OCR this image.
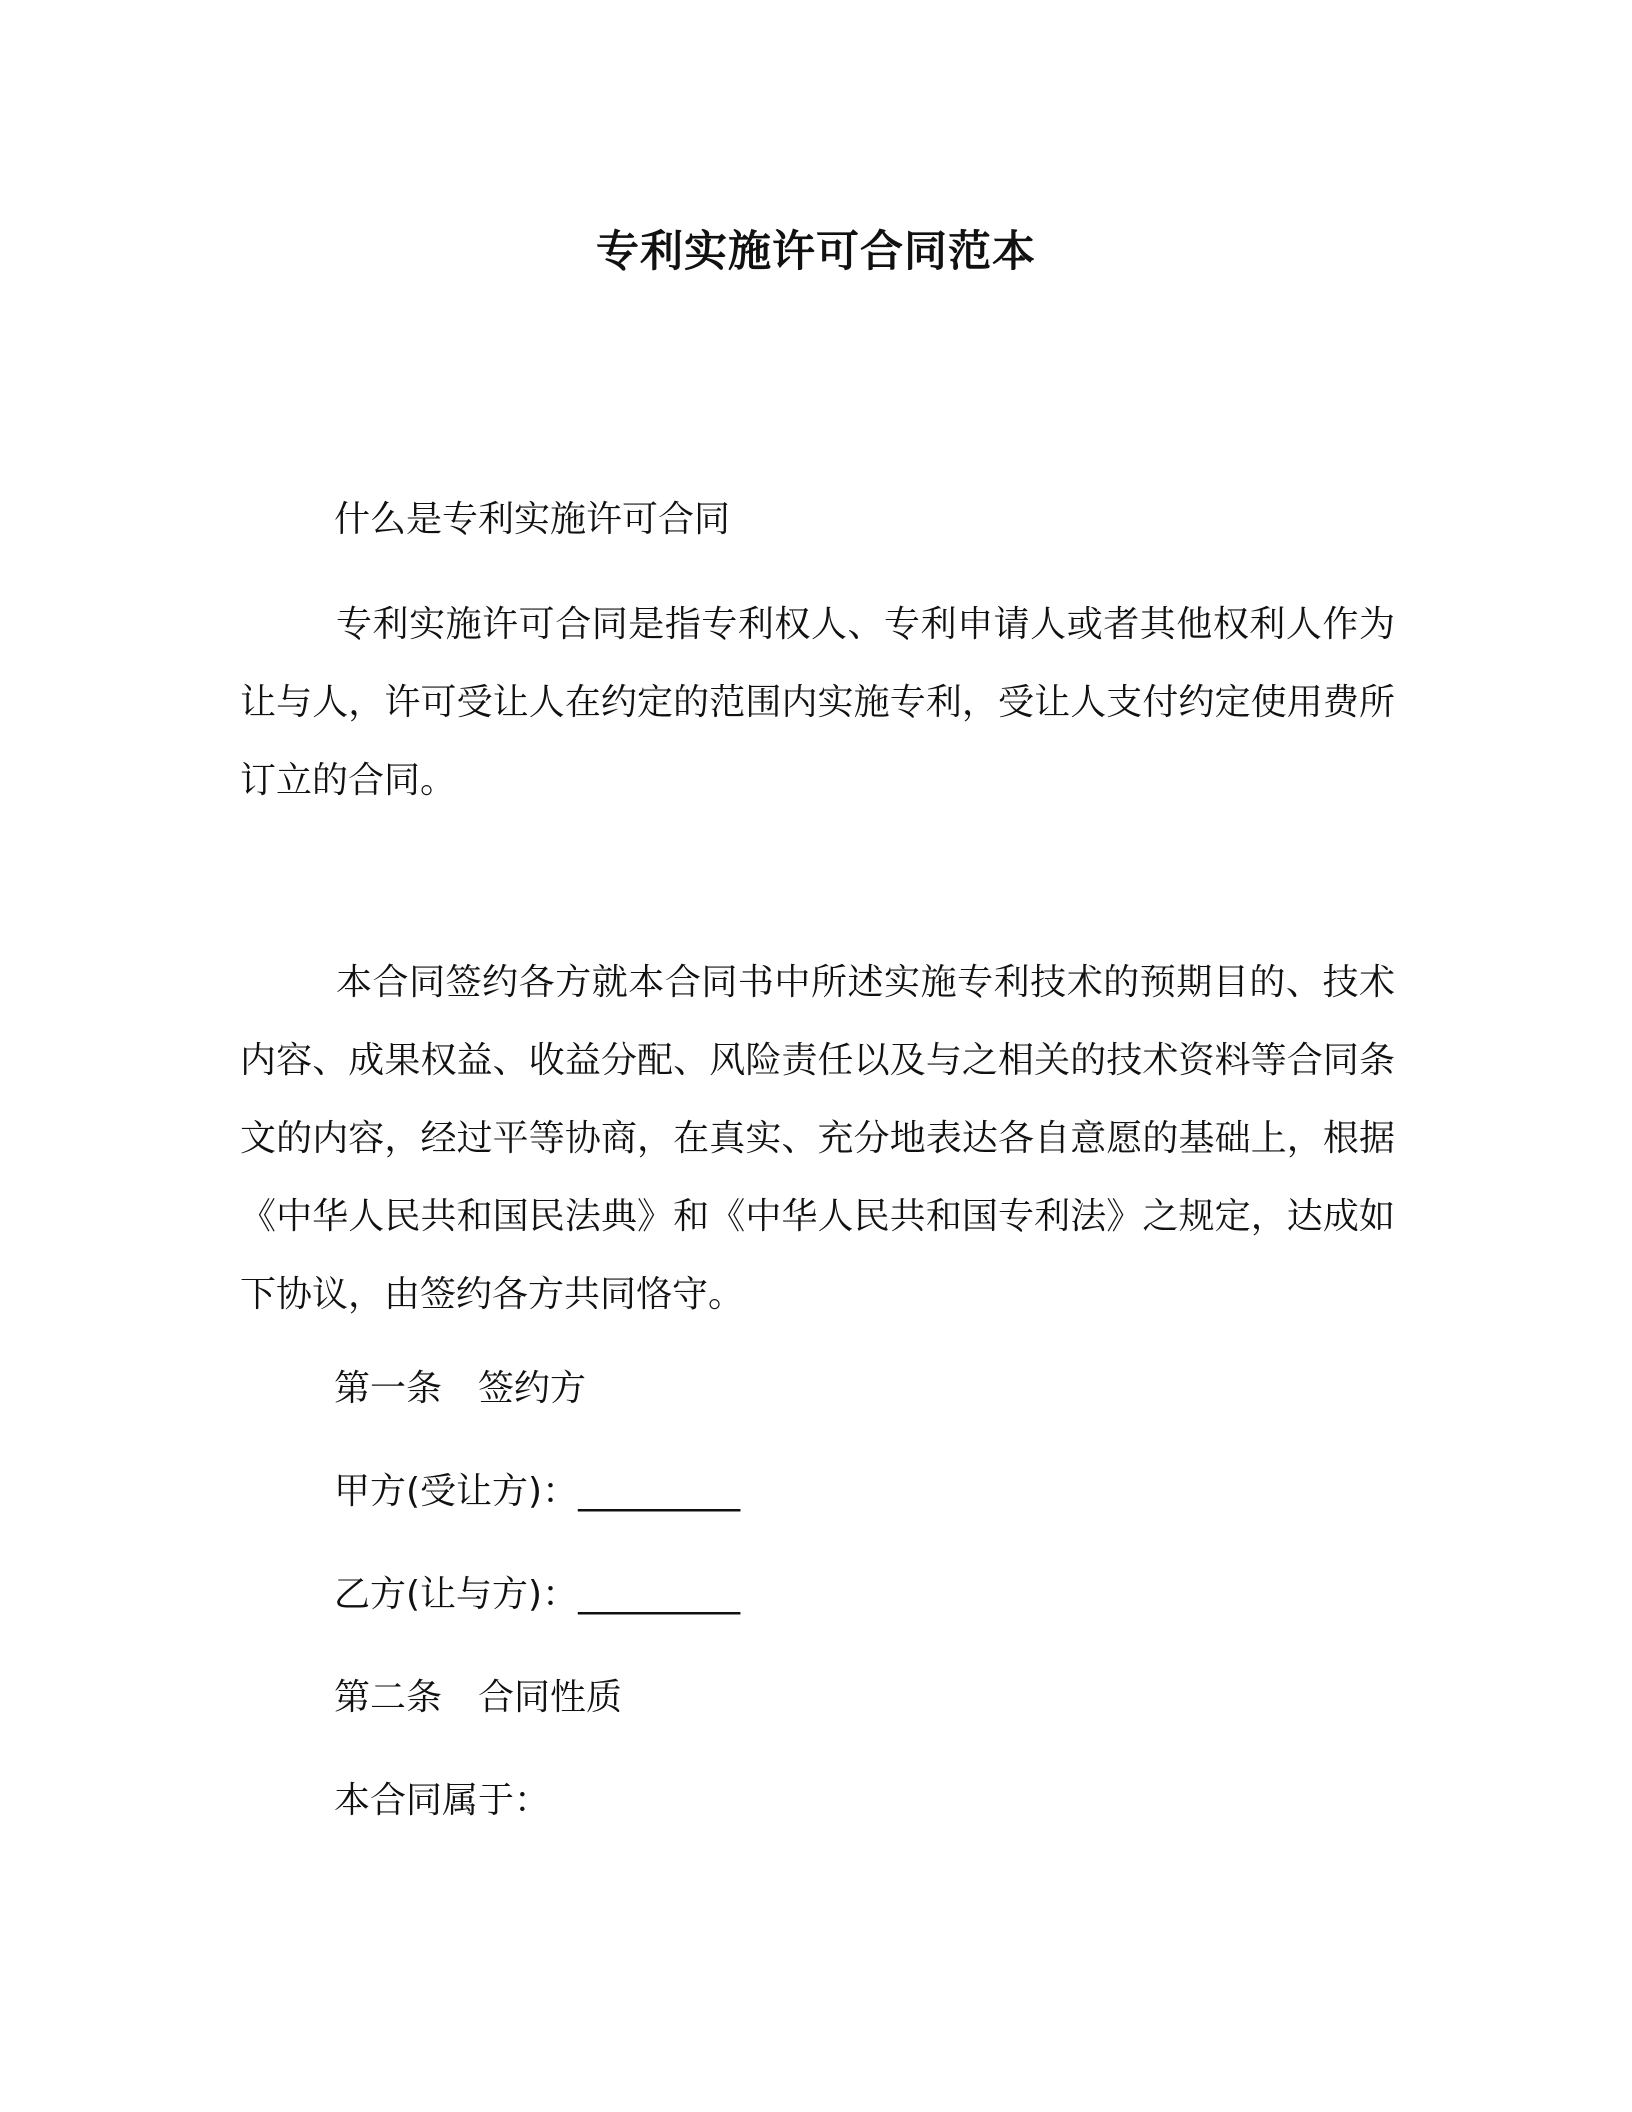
专利实施许可合同范本
什么是专利实施许可合同
专利实施许可合同是指专利权人、专利申请人或者其他权利人作为让与人，许可受让人在约定的范围内实施专利，受让人支付约定使用费所订立的合同。
本合同签约各方就本合同书中所述实施专利技术的预期目的、技术内容、成果权益、收益分配、风险责任以及与之相关的技术资料等合同条文的内容，经过平等协商，在真实、充分地表达各自意愿的基础上，根据《中华人民共和国民法典》和《中华人民共和国专利法》之规定，达成如下协议，由签约各方共同恪守。
第一条　签约方
甲方(受让方)：_________
乙方(让与方)：_________
第二条　合同性质
本合同属于：
